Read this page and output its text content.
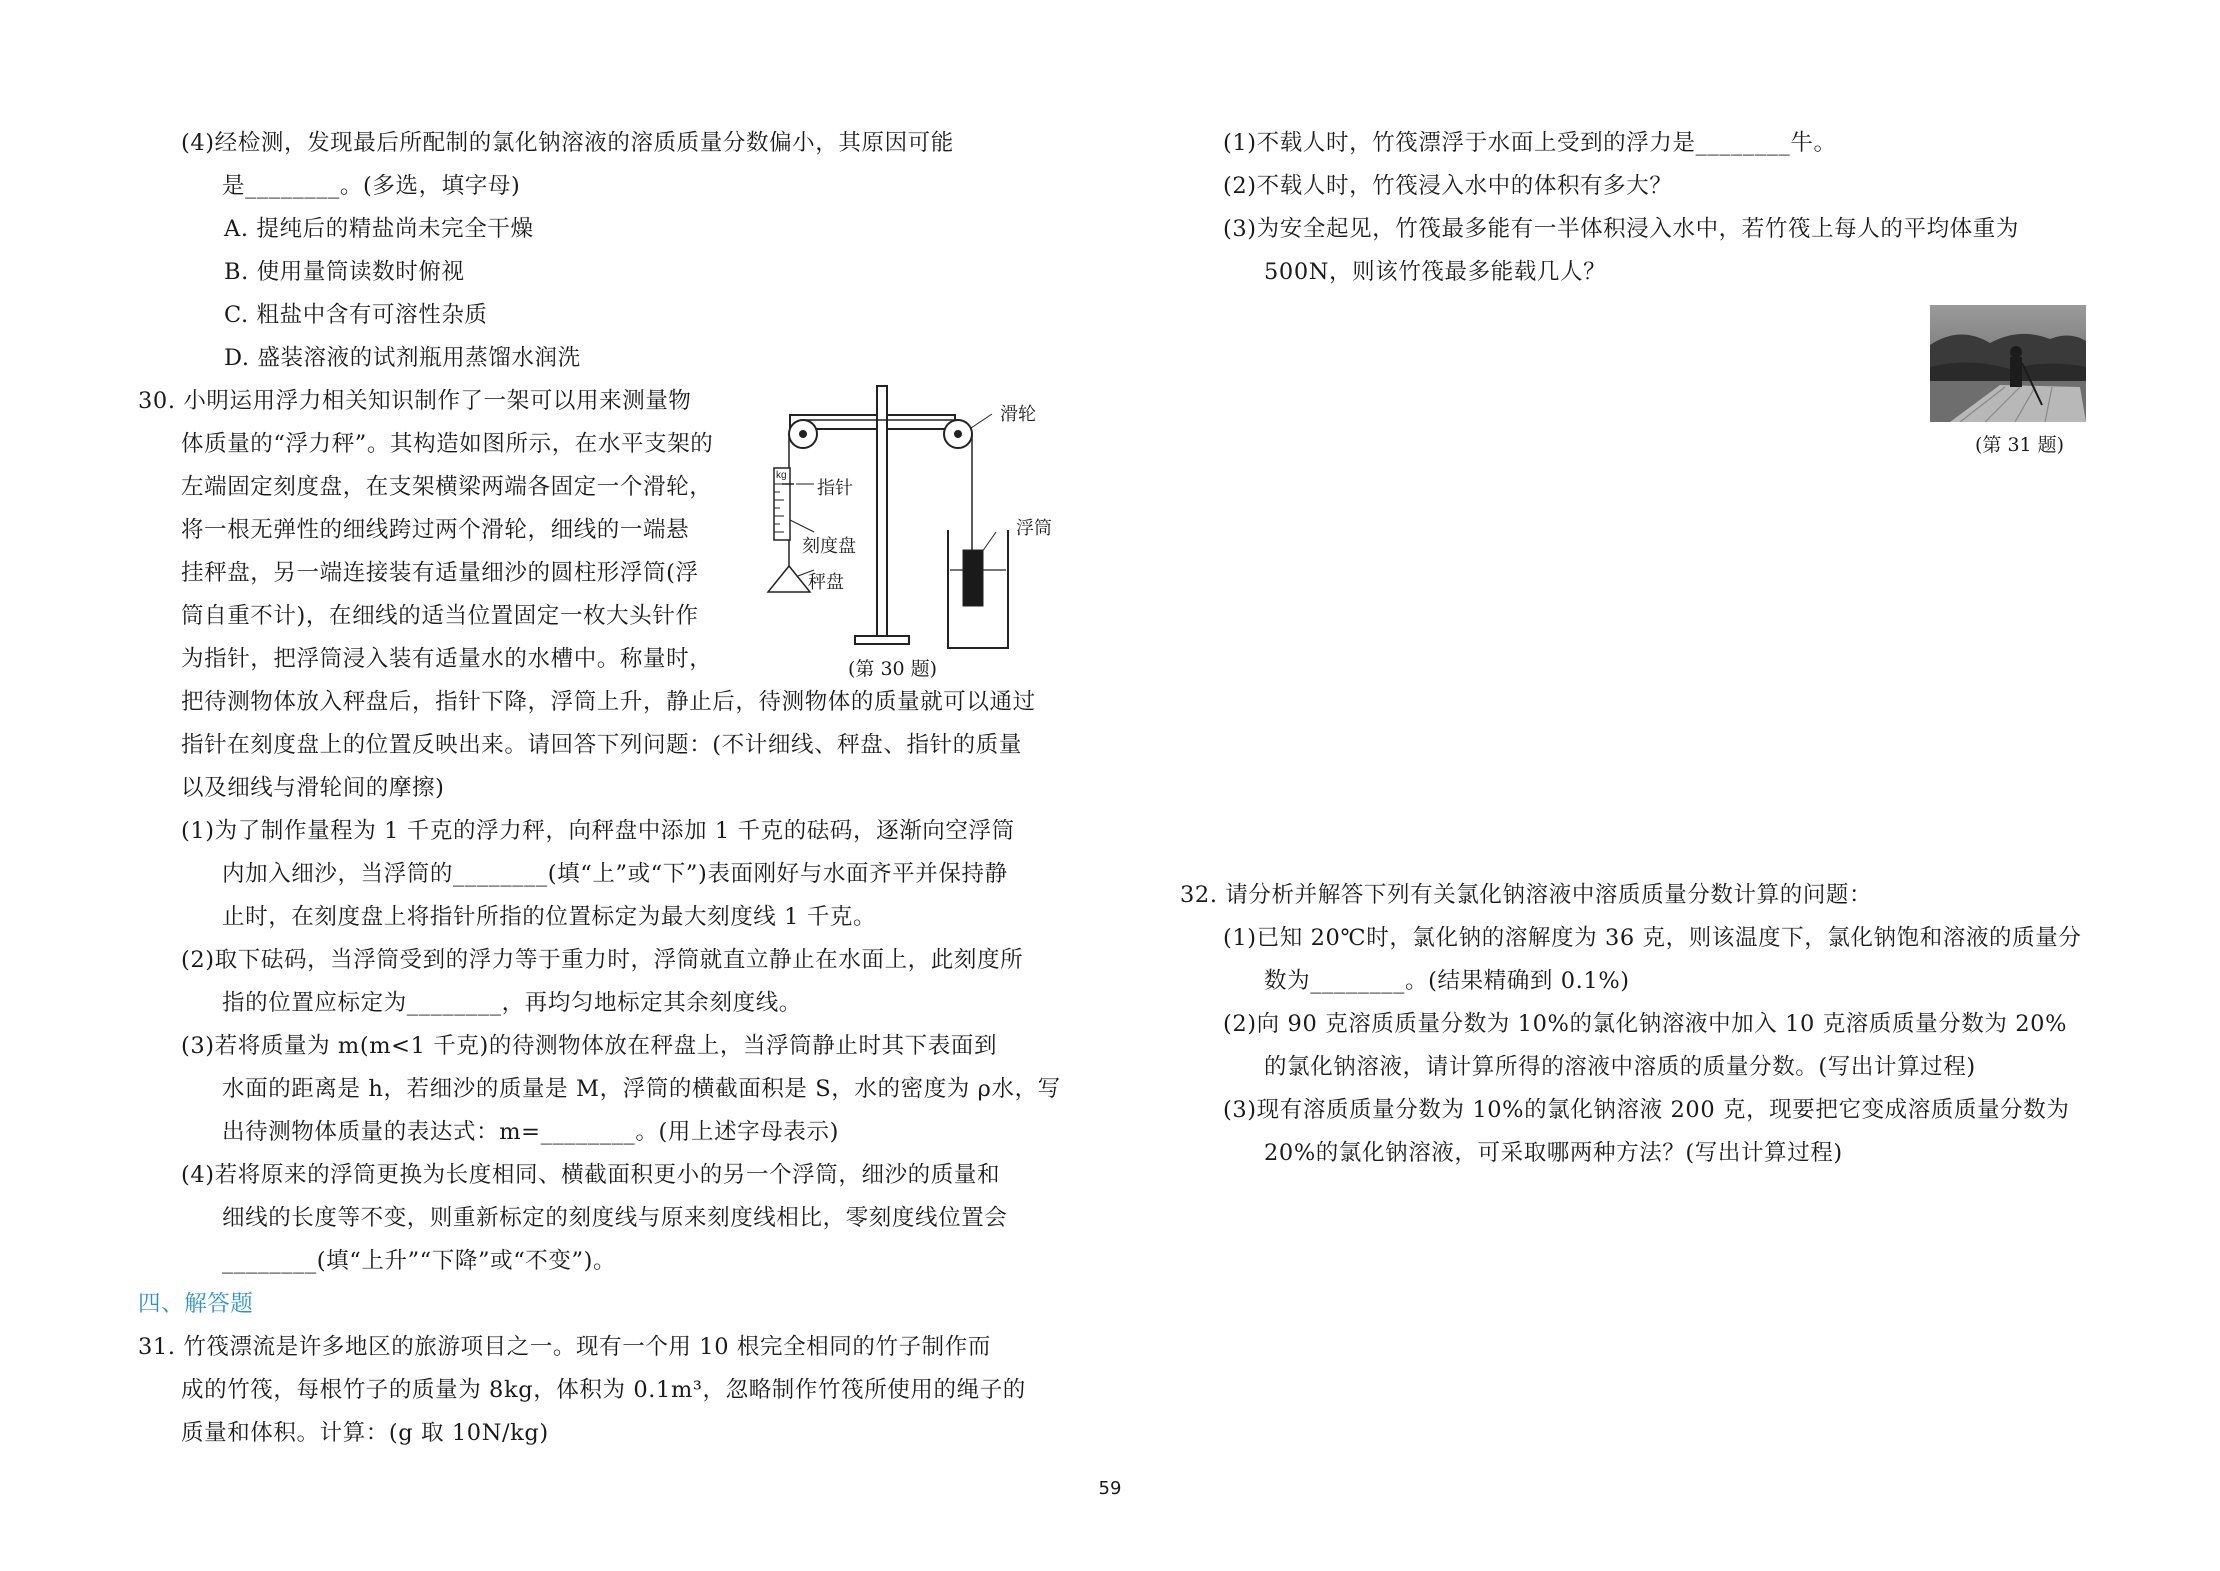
(4)经检测，发现最后所配制的氯化钠溶液的溶质质量分数偏小，其原因可能
是________。(多选，填字母)
A. 提纯后的精盐尚未完全干燥
B. 使用量筒读数时俯视
C. 粗盐中含有可溶性杂质
D. 盛装溶液的试剂瓶用蒸馏水润洗
30. 小明运用浮力相关知识制作了一架可以用来测量物
体质量的“浮力秤”。其构造如图所示，在水平支架的
左端固定刻度盘，在支架横梁两端各固定一个滑轮，
将一根无弹性的细线跨过两个滑轮，细线的一端悬
挂秤盘，另一端连接装有适量细沙的圆柱形浮筒(浮
筒自重不计)，在细线的适当位置固定一枚大头针作
为指针，把浮筒浸入装有适量水的水槽中。称量时，
把待测物体放入秤盘后，指针下降，浮筒上升，静止后，待测物体的质量就可以通过
指针在刻度盘上的位置反映出来。请回答下列问题：(不计细线、秤盘、指针的质量
以及细线与滑轮间的摩擦)
kg
滑轮
指针
刻度盘
秤盘
浮筒
(第 30 题)
(1)为了制作量程为 1 千克的浮力秤，向秤盘中添加 1 千克的砝码，逐渐向空浮筒
内加入细沙，当浮筒的________(填“上”或“下”)表面刚好与水面齐平并保持静
止时，在刻度盘上将指针所指的位置标定为最大刻度线 1 千克。
(2)取下砝码，当浮筒受到的浮力等于重力时，浮筒就直立静止在水面上，此刻度所
指的位置应标定为________，再均匀地标定其余刻度线。
(3)若将质量为 m(m<1 千克)的待测物体放在秤盘上，当浮筒静止时其下表面到
水面的距离是 h，若细沙的质量是 M，浮筒的横截面积是 S，水的密度为 ρ水，写
出待测物体质量的表达式：m=________。(用上述字母表示)
(4)若将原来的浮筒更换为长度相同、横截面积更小的另一个浮筒，细沙的质量和
细线的长度等不变，则重新标定的刻度线与原来刻度线相比，零刻度线位置会
________(填“上升”“下降”或“不变”)。
四、解答题
31. 竹筏漂流是许多地区的旅游项目之一。现有一个用 10 根完全相同的竹子制作而
成的竹筏，每根竹子的质量为 8kg，体积为 0.1m³，忽略制作竹筏所使用的绳子的
质量和体积。计算：(g 取 10N/kg)
(1)不载人时，竹筏漂浮于水面上受到的浮力是________牛。
(2)不载人时，竹筏浸入水中的体积有多大？
(3)为安全起见，竹筏最多能有一半体积浸入水中，若竹筏上每人的平均体重为
500N，则该竹筏最多能载几人？
(第 31 题)
32. 请分析并解答下列有关氯化钠溶液中溶质质量分数计算的问题：
(1)已知 20℃时，氯化钠的溶解度为 36 克，则该温度下，氯化钠饱和溶液的质量分
数为________。(结果精确到 0.1%)
(2)向 90 克溶质质量分数为 10%的氯化钠溶液中加入 10 克溶质质量分数为 20%
的氯化钠溶液，请计算所得的溶液中溶质的质量分数。(写出计算过程)
(3)现有溶质质量分数为 10%的氯化钠溶液 200 克，现要把它变成溶质质量分数为
20%的氯化钠溶液，可采取哪两种方法？(写出计算过程)
59
